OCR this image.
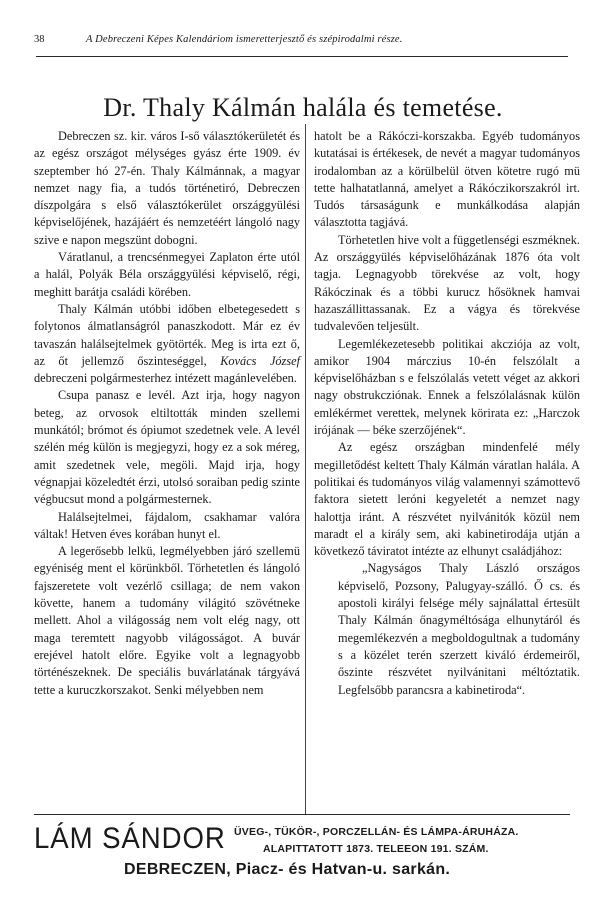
38	A Debreczeni Képes Kalendáriom ismeretterjesztő és szépirodalmi része.
Dr. Thaly Kálmán halála és temetése.

Debreczen sz. kir. város I-ső választókerületét és az egész országot mélységes gyász érte 1909. év szeptember hó 27-én. Thaly Kálmánnak, a magyar nemzet nagy fia, a tudós történetiró, Debreczen díszpolgára s első választókerület országgyülési képviselőjének, hazájáért és nemzetéért lángoló nagy szive e napon megszünt dobogni.

Váratlanul, a trencsénmegyei Zaplaton érte utól a halál, Polyák Béla országgyülési képviselő, régi, meghitt barátja családi körében.

Thaly Kálmán utóbbi időben elbetegesedett s folytonos álmatlanságról panaszkodott. Már ez év tavaszán halálsejtelmek gyötörték. Meg is irta ezt ő, az őt jellemző őszinteséggel, Kovács József debreczeni polgármesterhez intézett magánlevelében.

Csupa panasz e levél. Azt irja, hogy nagyon beteg, az orvosok eltiltották minden szellemi munkától; brómot és ópiumot szedetnek vele. A levél szélén még külön is megjegyzi, hogy ez a sok méreg, amit szedetnek vele, megöli. Majd irja, hogy végnapjai közeledtét érzi, utolsó soraiban pedig szinte végbucsut mond a polgármesternek.

Halálsejtelmei, fájdalom, csakhamar valóra váltak! Hetven éves korában hunyt el.

A legerősebb lelkü, legmélyebben járó szellemü egyéniség ment el körünkből. Törhetetlen és lángoló fajszeretete volt vezérlő csillaga; de nem vakon követte, hanem a tudomány világitó szövétneke mellett. Ahol a világosság nem volt elég nagy, ott maga teremtett nagyobb világosságot. A buvár erejével hatolt előre. Egyike volt a legnagyobb történészeknek. De speciális buvárlatának tárgyává tette a kuruczkorszakot. Senki mélyebben nem

hatolt be a Rákóczi-korszakba. Egyéb tudományos kutatásai is értékesek, de nevét a magyar tudományos irodalomban az a körülbelül ötven kötetre rugó mü tette halhatatlanná, amelyet a Rákóczikorszakról irt. Tudós társaságunk e munkálkodása alapján választotta tagjává.

Törhetetlen hive volt a függetlenségi eszméknek. Az országgyülés képviselőházának 1876 óta volt tagja. Legnagyobb törekvése az volt, hogy Rákóczinak és a többi kurucz hősöknek hamvai hazaszállittassanak. Ez a vágya és törekvése tudvalevően teljesült.

Legemlékezetesebb politikai akcziója az volt, amikor 1904 márczius 10-én felszólalt a képviselőházban s e felszólalás vetett véget az akkori nagy obstrukcziónak. Ennek a felszólalásnak külön emlékérmet verettek, melynek körirata ez: „Harczok irójának — béke szerzőjének“.

Az egész országban mindenfelé mély megilletődést keltett Thaly Kálmán váratlan halála. A politikai és tudományos világ valamennyi számottevő faktora sietett leróni kegyeletét a nemzet nagy halottja iránt. A részvétet nyilvánitók közül nem maradt el a király sem, aki kabinetirodája utján a következő táviratot intézte az elhunyt családjához:

„Nagyságos Thaly László országos képviselő, Pozsony, Palugyay-szálló. Ő cs. és apostoli királyi felsége mély sajnálattal értesült Thaly Kálmán őnagyméltósága elhunytáról és megemlékezvén a megboldogultnak a tudomány s a közélet terén szerzett kiváló érdemeiről, őszinte részvétet nyilvánitani méltóztatik. Legfelsőbb parancsra a kabinetiroda“.

LÁM SÁNDOR ÜVEG-, TÜKÖR-, PORCZELLÁN- ÉS LÁMPA-ÁRUHÁZA.
ALAPITTATOTT 1873. TELEEON 191. SZÁM.
DEBRECZEN, Piacz- és Hatvan-u. sarkán.
